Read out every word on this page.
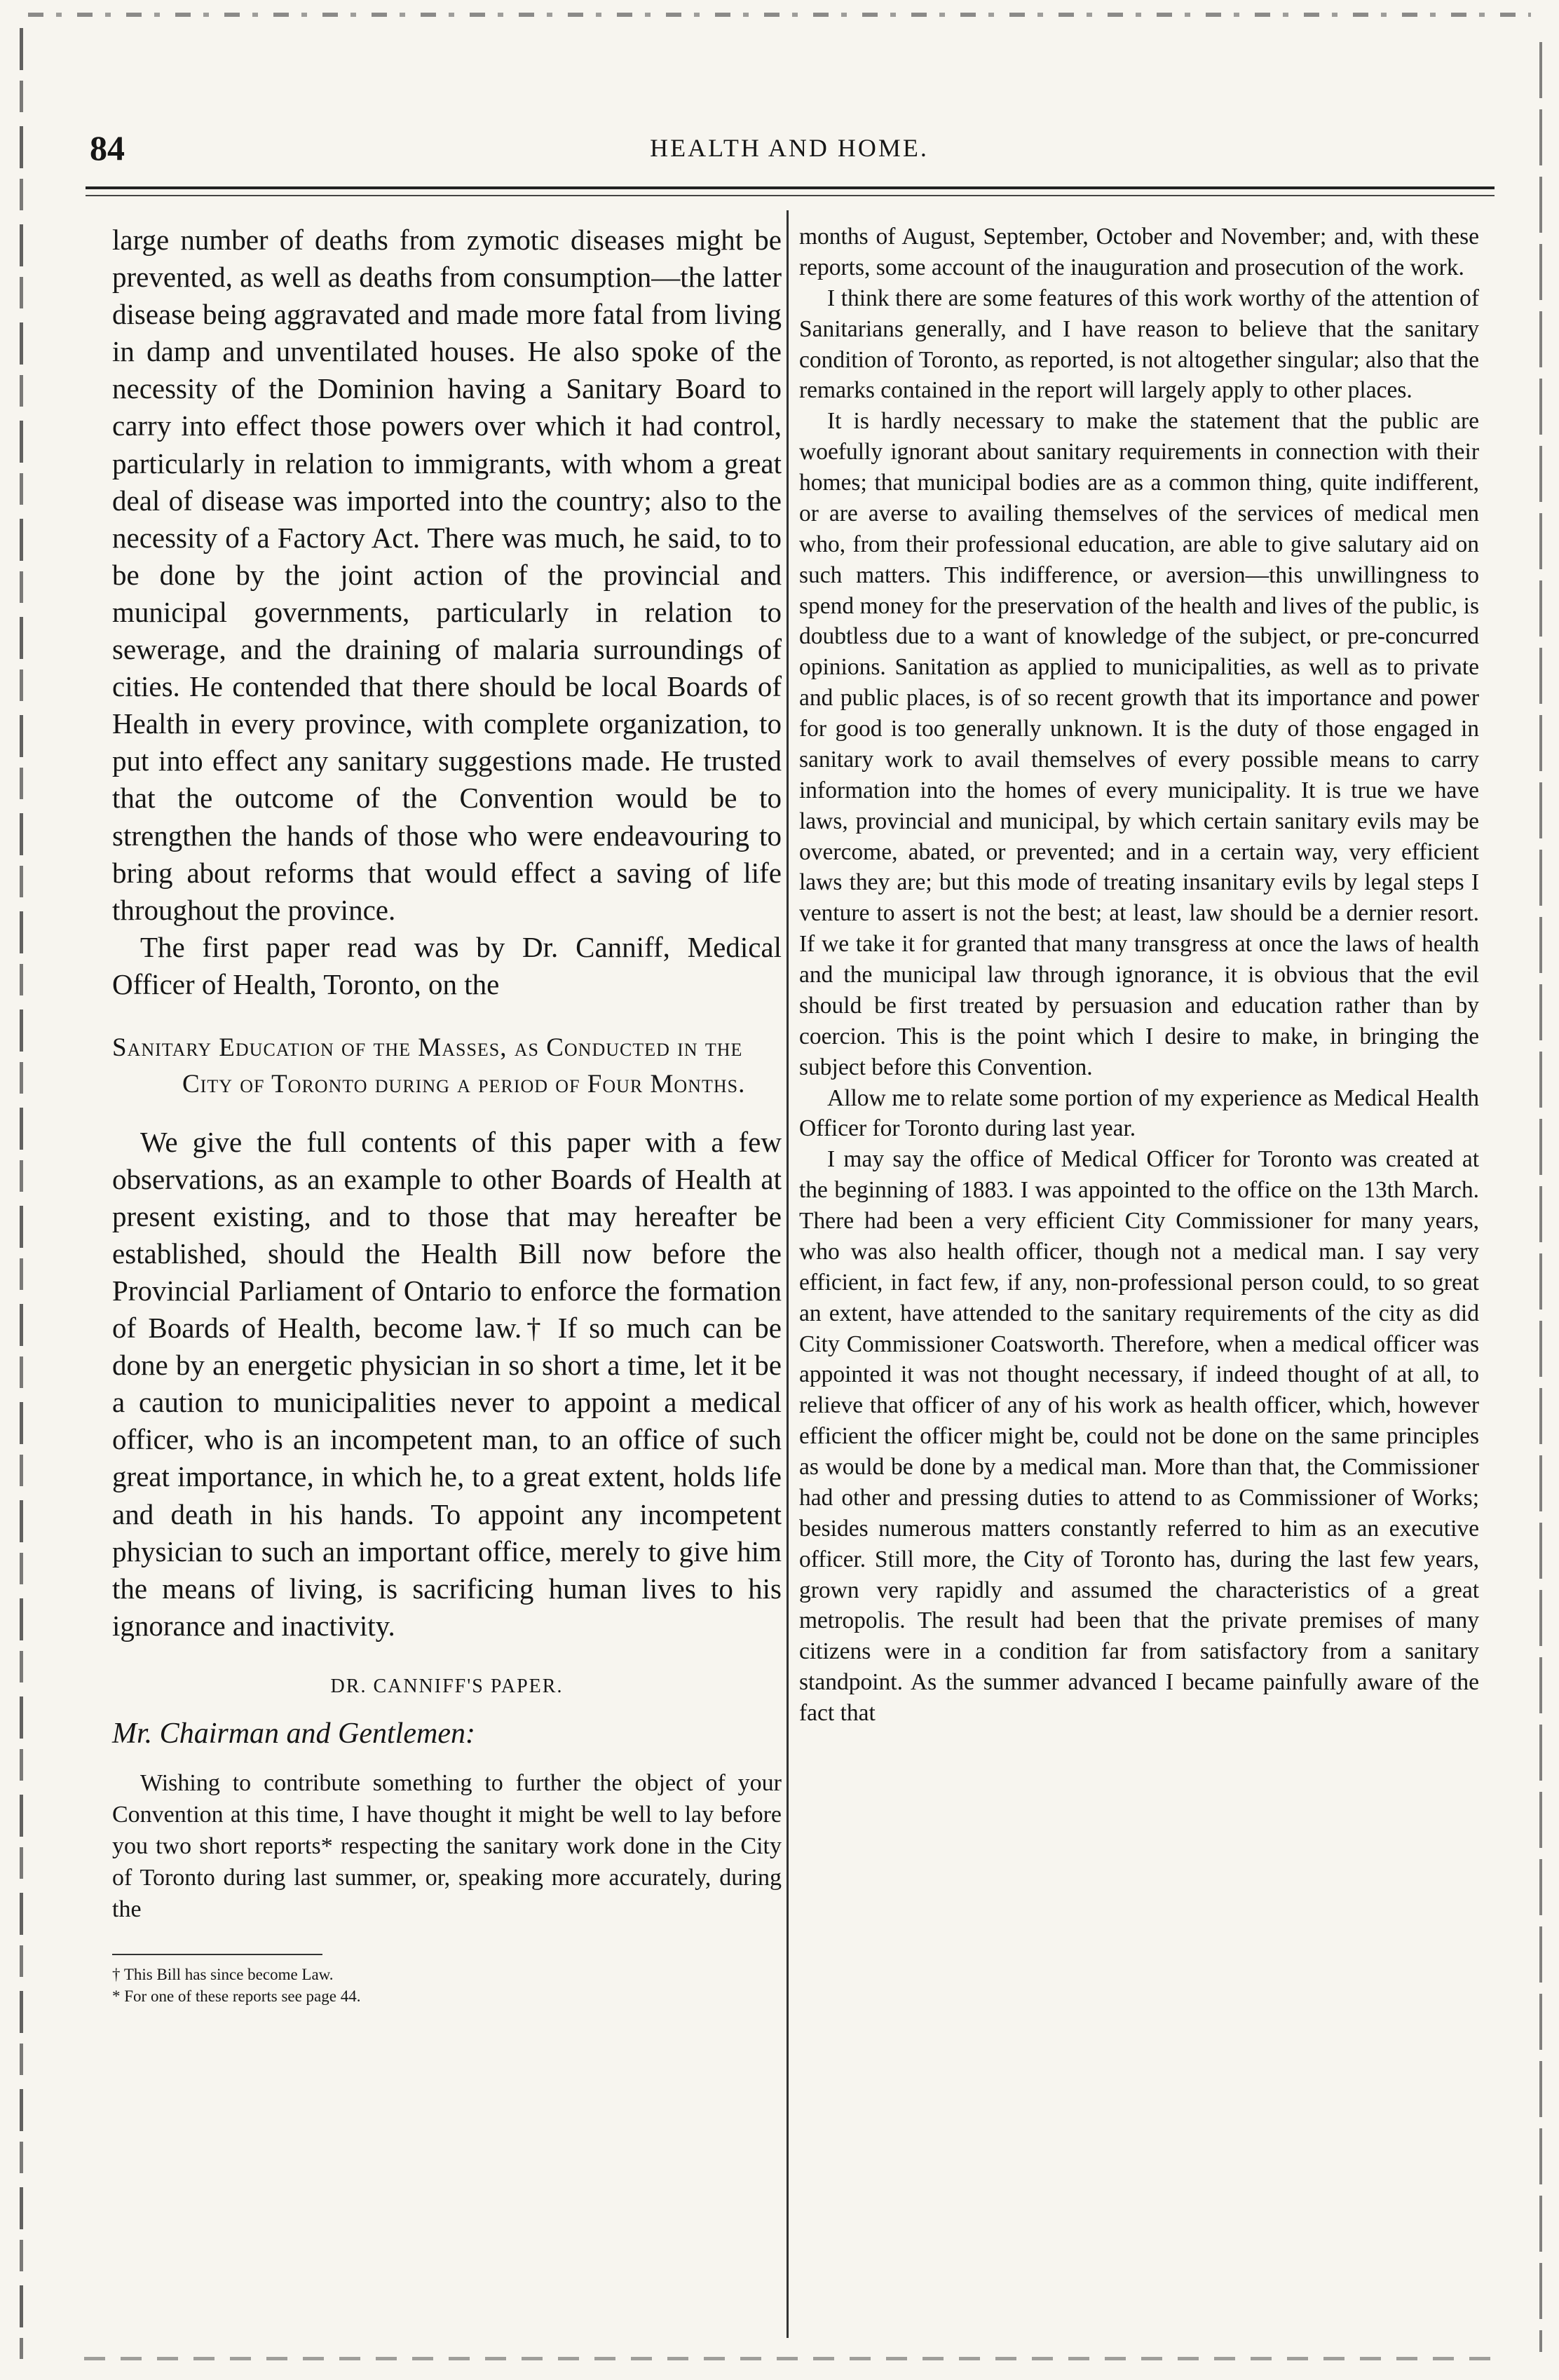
84	HEALTH AND HOME.

large number of deaths from zymotic diseases might be prevented, as well as deaths from consumption—the latter disease being aggravated and made more fatal from living in damp and unventilated houses. He also spoke of the necessity of the Dominion having a Sanitary Board to carry into effect those powers over which it had control, particularly in relation to immigrants, with whom a great deal of disease was imported into the country; also to the necessity of a Factory Act. There was much, he said, to to be done by the joint action of the provincial and municipal governments, particularly in relation to sewerage, and the draining of malaria surroundings of cities. He contended that there should be local Boards of Health in every province, with complete organization, to put into effect any sanitary suggestions made. He trusted that the outcome of the Convention would be to strengthen the hands of those who were endeavouring to bring about reforms that would effect a saving of life throughout the province.

The first paper read was by Dr. Canniff, Medical Officer of Health, Toronto, on the

Sanitary Education of the Masses, as Conducted in the City of Toronto during a period of Four Months.

We give the full contents of this paper with a few observations, as an example to other Boards of Health at present existing, and to those that may hereafter be established, should the Health Bill now before the Provincial Parliament of Ontario to enforce the formation of Boards of Health, become law.† If so much can be done by an energetic physician in so short a time, let it be a caution to municipalities never to appoint a medical officer, who is an incompetent man, to an office of such great importance, in which he, to a great extent, holds life and death in his hands. To appoint any incompetent physician to such an important office, merely to give him the means of living, is sacrificing human lives to his ignorance and inactivity.

DR. CANNIFF'S PAPER.

Mr. Chairman and Gentlemen:

Wishing to contribute something to further the object of your Convention at this time, I have thought it might be well to lay before you two short reports* respecting the sanitary work done in the City of Toronto during last summer, or, speaking more accurately, during the

† This Bill has since become Law.

* For one of these reports see page 44.

months of August, September, October and November; and, with these reports, some account of the inauguration and prosecution of the work.

I think there are some features of this work worthy of the attention of Sanitarians generally, and I have reason to believe that the sanitary condition of Toronto, as reported, is not altogether singular; also that the remarks contained in the report will largely apply to other places.

It is hardly necessary to make the statement that the public are woefully ignorant about sanitary requirements in connection with their homes; that municipal bodies are as a common thing, quite indifferent, or are averse to availing themselves of the services of medical men who, from their professional education, are able to give salutary aid on such matters. This indifference, or aversion—this unwillingness to spend money for the preservation of the health and lives of the public, is doubtless due to a want of knowledge of the subject, or pre-concurred opinions. Sanitation as applied to municipalities, as well as to private and public places, is of so recent growth that its importance and power for good is too generally unknown. It is the duty of those engaged in sanitary work to avail themselves of every possible means to carry information into the homes of every municipality. It is true we have laws, provincial and municipal, by which certain sanitary evils may be overcome, abated, or prevented; and in a certain way, very efficient laws they are; but this mode of treating insanitary evils by legal steps I venture to assert is not the best; at least, law should be a dernier resort. If we take it for granted that many transgress at once the laws of health and the municipal law through ignorance, it is obvious that the evil should be first treated by persuasion and education rather than by coercion. This is the point which I desire to make, in bringing the subject before this Convention.

Allow me to relate some portion of my experience as Medical Health Officer for Toronto during last year.

I may say the office of Medical Officer for Toronto was created at the beginning of 1883. I was appointed to the office on the 13th March. There had been a very efficient City Commissioner for many years, who was also health officer, though not a medical man. I say very efficient, in fact few, if any, non-professional person could, to so great an extent, have attended to the sanitary requirements of the city as did City Commissioner Coatsworth. Therefore, when a medical officer was appointed it was not thought necessary, if indeed thought of at all, to relieve that officer of any of his work as health officer, which, however efficient the officer might be, could not be done on the same principles as would be done by a medical man. More than that, the Commissioner had other and pressing duties to attend to as Commissioner of Works; besides numerous matters constantly referred to him as an executive officer. Still more, the City of Toronto has, during the last few years, grown very rapidly and assumed the characteristics of a great metropolis. The result had been that the private premises of many citizens were in a condition far from satisfactory from a sanitary standpoint. As the summer advanced I became painfully aware of the fact that
